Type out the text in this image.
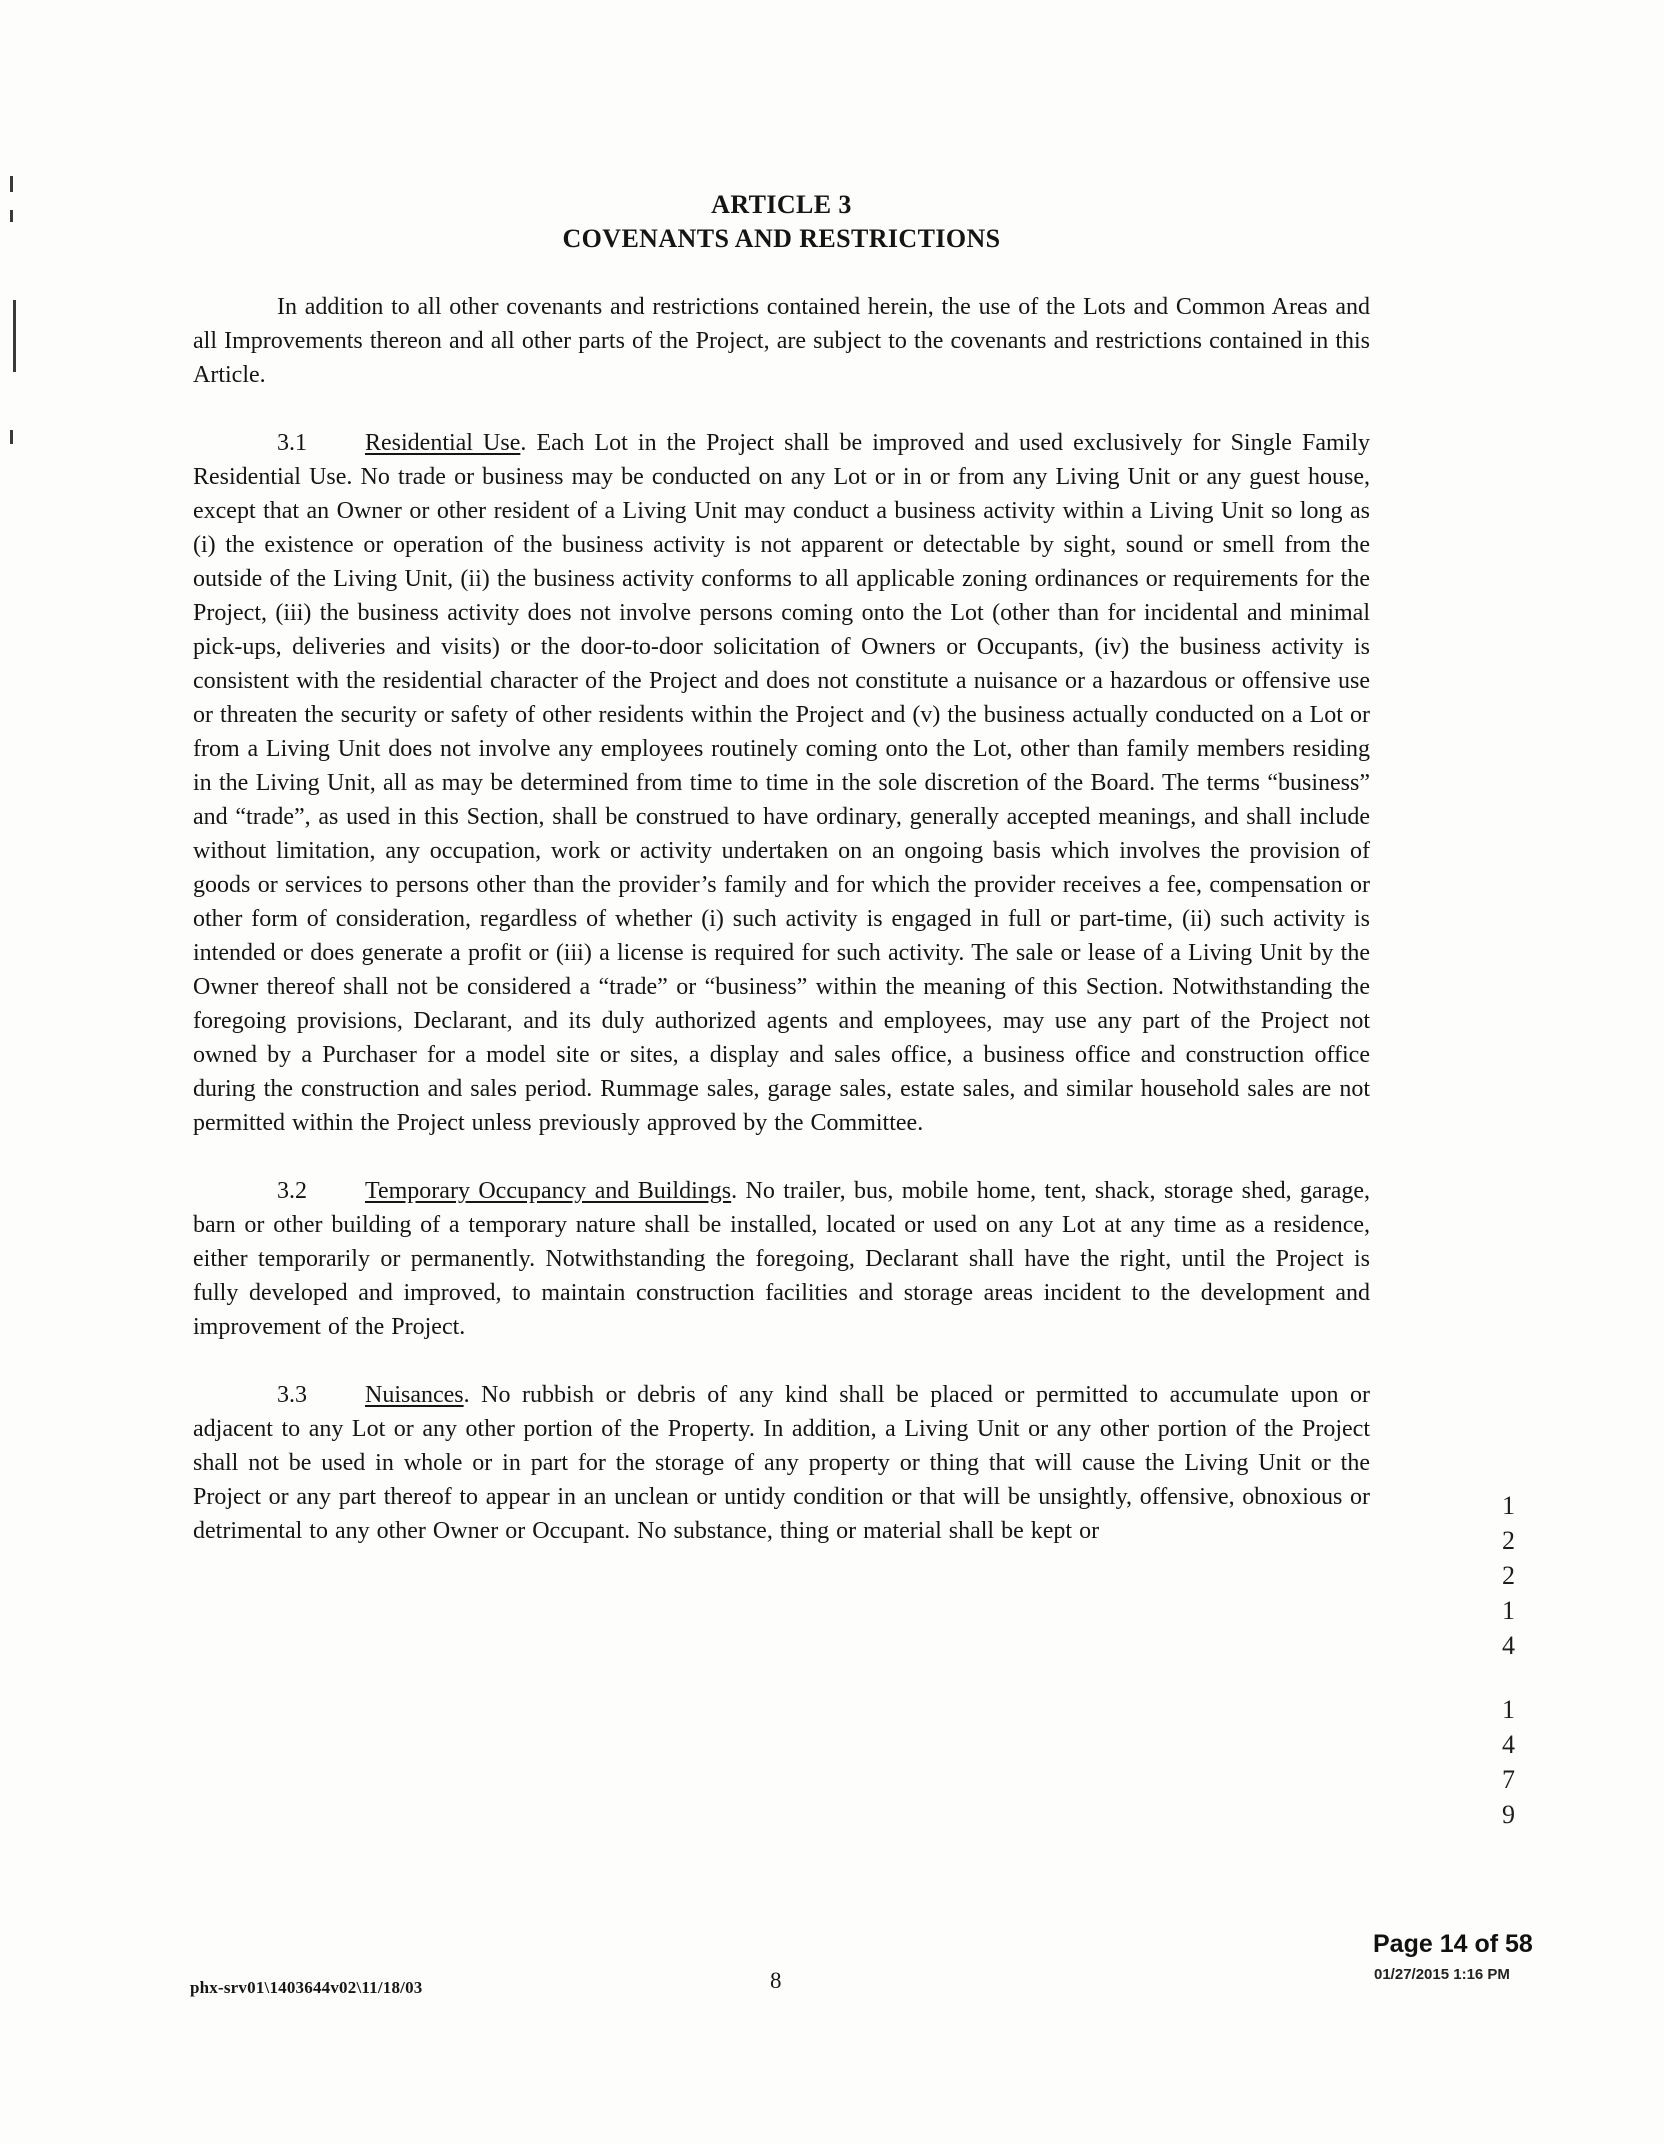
ARTICLE 3
COVENANTS AND RESTRICTIONS

In addition to all other covenants and restrictions contained herein, the use of the Lots and Common Areas and all Improvements thereon and all other parts of the Project, are subject to the covenants and restrictions contained in this Article.

3.1 Residential Use. Each Lot in the Project shall be improved and used exclusively for Single Family Residential Use. No trade or business may be conducted on any Lot or in or from any Living Unit or any guest house, except that an Owner or other resident of a Living Unit may conduct a business activity within a Living Unit so long as (i) the existence or operation of the business activity is not apparent or detectable by sight, sound or smell from the outside of the Living Unit, (ii) the business activity conforms to all applicable zoning ordinances or requirements for the Project, (iii) the business activity does not involve persons coming onto the Lot (other than for incidental and minimal pick-ups, deliveries and visits) or the door-to-door solicitation of Owners or Occupants, (iv) the business activity is consistent with the residential character of the Project and does not constitute a nuisance or a hazardous or offensive use or threaten the security or safety of other residents within the Project and (v) the business actually conducted on a Lot or from a Living Unit does not involve any employees routinely coming onto the Lot, other than family members residing in the Living Unit, all as may be determined from time to time in the sole discretion of the Board. The terms “business” and “trade”, as used in this Section, shall be construed to have ordinary, generally accepted meanings, and shall include without limitation, any occupation, work or activity undertaken on an ongoing basis which involves the provision of goods or services to persons other than the provider’s family and for which the provider receives a fee, compensation or other form of consideration, regardless of whether (i) such activity is engaged in full or part-time, (ii) such activity is intended or does generate a profit or (iii) a license is required for such activity. The sale or lease of a Living Unit by the Owner thereof shall not be considered a “trade” or “business” within the meaning of this Section. Notwithstanding the foregoing provisions, Declarant, and its duly authorized agents and employees, may use any part of the Project not owned by a Purchaser for a model site or sites, a display and sales office, a business office and construction office during the construction and sales period. Rummage sales, garage sales, estate sales, and similar household sales are not permitted within the Project unless previously approved by the Committee.

3.2 Temporary Occupancy and Buildings. No trailer, bus, mobile home, tent, shack, storage shed, garage, barn or other building of a temporary nature shall be installed, located or used on any Lot at any time as a residence, either temporarily or permanently. Notwithstanding the foregoing, Declarant shall have the right, until the Project is fully developed and improved, to maintain construction facilities and storage areas incident to the development and improvement of the Project.

3.3 Nuisances. No rubbish or debris of any kind shall be placed or permitted to accumulate upon or adjacent to any Lot or any other portion of the Property. In addition, a Living Unit or any other portion of the Project shall not be used in whole or in part for the storage of any property or thing that will cause the Living Unit or the Project or any part thereof to appear in an unclean or untidy condition or that will be unsightly, offensive, obnoxious or detrimental to any other Owner or Occupant. No substance, thing or material shall be kept or

1
2
2
1
4
1
4
7
9
phx-srv01\1403644v02\11/18/03	8
Page 14 of 58
01/27/2015 1:16 PM
